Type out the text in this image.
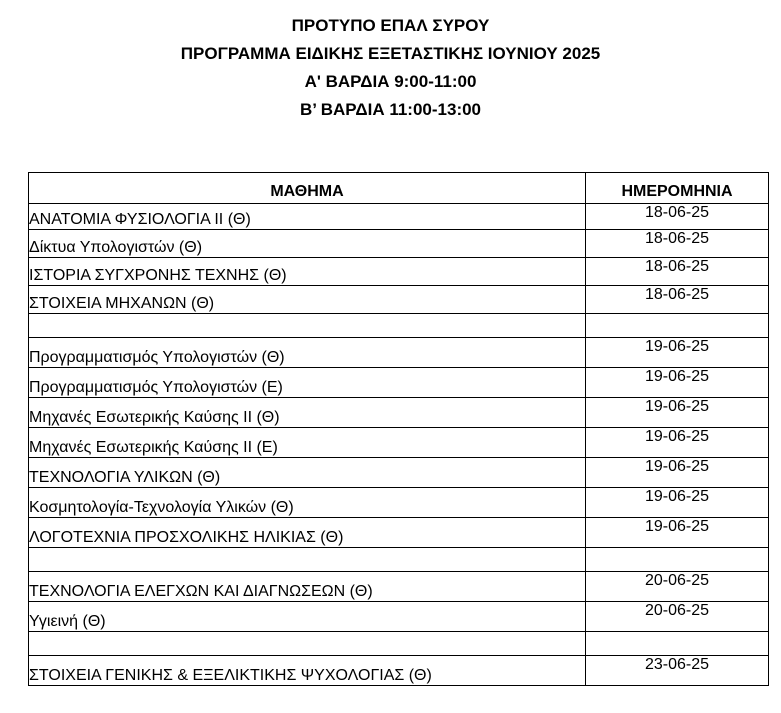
ΠΡΟΤΥΠΟ ΕΠΑΛ ΣΥΡΟΥ
ΠΡΟΓΡΑΜΜΑ ΕΙΔΙΚΗΣ ΕΞΕΤΑΣΤΙΚΗΣ ΙΟΥΝΙΟΥ 2025
Α' ΒΑΡΔΙΑ 9:00-11:00
Β’ ΒΑΡΔΙΑ 11:00-13:00
ΜΑΘΗΜΑ	ΗΜΕΡΟΜΗΝΙΑ
ΑΝΑΤΟΜΙΑ ΦΥΣΙΟΛΟΓΙΑ ΙΙ (Θ)	18-06-25
Δίκτυα Υπολογιστών (Θ)	18-06-25
ΙΣΤΟΡΙΑ ΣΥΓΧΡΟΝΗΣ ΤΕΧΝΗΣ (Θ)	18-06-25
ΣΤΟΙΧΕΙΑ ΜΗΧΑΝΩΝ (Θ)	18-06-25

Προγραμματισμός Υπολογιστών (Θ)	19-06-25
Προγραμματισμός Υπολογιστών (Ε)	19-06-25
Μηχανές Εσωτερικής Καύσης ΙΙ (Θ)	19-06-25
Μηχανές Εσωτερικής Καύσης ΙΙ (Ε)	19-06-25
ΤΕΧΝΟΛΟΓΙΑ ΥΛΙΚΩΝ (Θ)	19-06-25
Κοσμητολογία-Τεχνολογία Υλικών (Θ)	19-06-25
ΛΟΓΟΤΕΧΝΙΑ ΠΡΟΣΧΟΛΙΚΗΣ ΗΛΙΚΙΑΣ (Θ)	19-06-25

ΤΕΧΝΟΛΟΓΙΑ ΕΛΕΓΧΩΝ ΚΑΙ ΔΙΑΓΝΩΣΕΩΝ (Θ)	20-06-25
Υγιεινή (Θ)	20-06-25

ΣΤΟΙΧΕΙΑ ΓΕΝΙΚΗΣ & ΕΞΕΛΙΚΤΙΚΗΣ ΨΥΧΟΛΟΓΙΑΣ (Θ)	23-06-25
